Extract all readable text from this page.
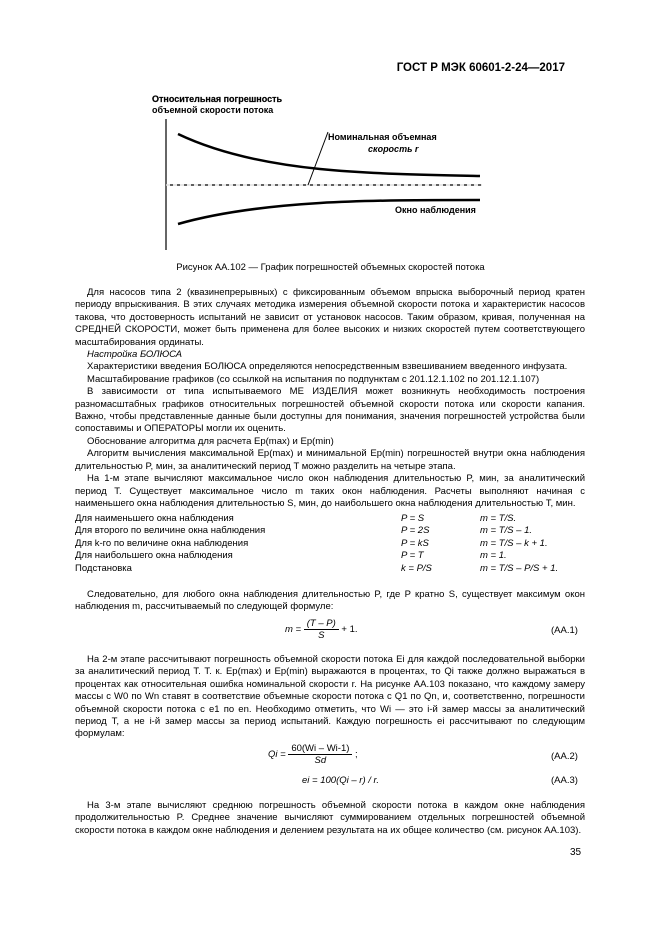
ГОСТ Р МЭК 60601-2-24—2017
Относительная погрешность
объемной скорости потока
Номинальная объемная
скорость r
Окно наблюдения
Рисунок АА.102 — График погрешностей объемных скоростей потока

Для насосов типа 2 (квазинепрерывных) с фиксированным объемом впрыска выборочный период кратен периоду впрыскивания. В этих случаях методика измерения объемной скорости потока и характеристик насосов такова, что достоверность испытаний не зависит от установок насосов. Таким образом, кривая, полученная на СРЕДНЕЙ СКОРОСТИ, может быть применена для более высоких и низких скоростей путем соответствующего масштабирования ординаты.

Настройка БОЛЮСА

Характеристики введения БОЛЮСА определяются непосредственным взвешиванием введенного инфузата.

Масштабирование графиков (со ссылкой на испытания по подпунктам с 201.12.1.102 по 201.12.1.107)

В зависимости от типа испытываемого МЕ ИЗДЕЛИЯ может возникнуть необходимость построения разномасштабных графиков относительных погрешностей объемной скорости потока или скорости капания. Важно, чтобы представленные данные были доступны для понимания, значения погрешностей устройства были сопоставимы и ОПЕРАТОРЫ могли их оценить.

Обоснование алгоритма для расчета Ep(max) и Ep(min)

Алгоритм вычисления максимальной Ep(max) и минимальной Ep(min) погрешностей внутри окна наблюдения длительностью P, мин, за аналитический период T можно разделить на четыре этапа.

На 1-м этапе вычисляют максимальное число окон наблюдения длительностью P, мин, за аналитический период T. Существует максимальное число m таких окон наблюдения. Расчеты выполняют начиная с наименьшего окна наблюдения длительностью S, мин, до наибольшего окна наблюдения длительностью T, мин.

Для наименьшего окна наблюдения	P = S	m = T/S.
Для второго по величине окна наблюдения	P = 2S	m = T/S – 1.
Для k-го по величине окна наблюдения	P = kS	m = T/S – k + 1.
Для наибольшего окна наблюдения	P = T	m = 1.
Подстановка	k = P/S	m = T/S – P/S + 1.

Следовательно, для любого окна наблюдения длительностью P, где P кратно S, существует максимум окон наблюдения m, рассчитываемый по следующей формуле:

$m = \frac{(T - P)}{S} + 1$.	(АА.1)

На 2-м этапе рассчитывают погрешность объемной скорости потока Ei для каждой последовательной выборки за аналитический период T. Т. к. Ep(max) и Ep(min) выражаются в процентах, то Qi также должно выражаться в процентах как относительная ошибка номинальной скорости r. На рисунке АА.103 показано, что каждому замеру массы с W0 по Wn ставят в соответствие объемные скорости потока с Q1 по Qn, и, соответственно, погрешности объемной скорости потока с e1 по en. Необходимо отметить, что Wi — это i-й замер массы за аналитический период T, а не i-й замер массы за период испытаний. Каждую погрешность ei рассчитывают по следующим формулам:

$Qi = \frac{60(Wi - Wi-1)}{Sd}$ ;	(АА.2)
ei = 100(Qi – r) / r.	(АА.3)

На 3-м этапе вычисляют среднюю погрешность объемной скорости потока в каждом окне наблюдения продолжительностью P. Среднее значение вычисляют суммированием отдельных погрешностей объемной скорости потока в каждом окне наблюдения и делением результата на их общее количество (см. рисунок АА.103).

35
